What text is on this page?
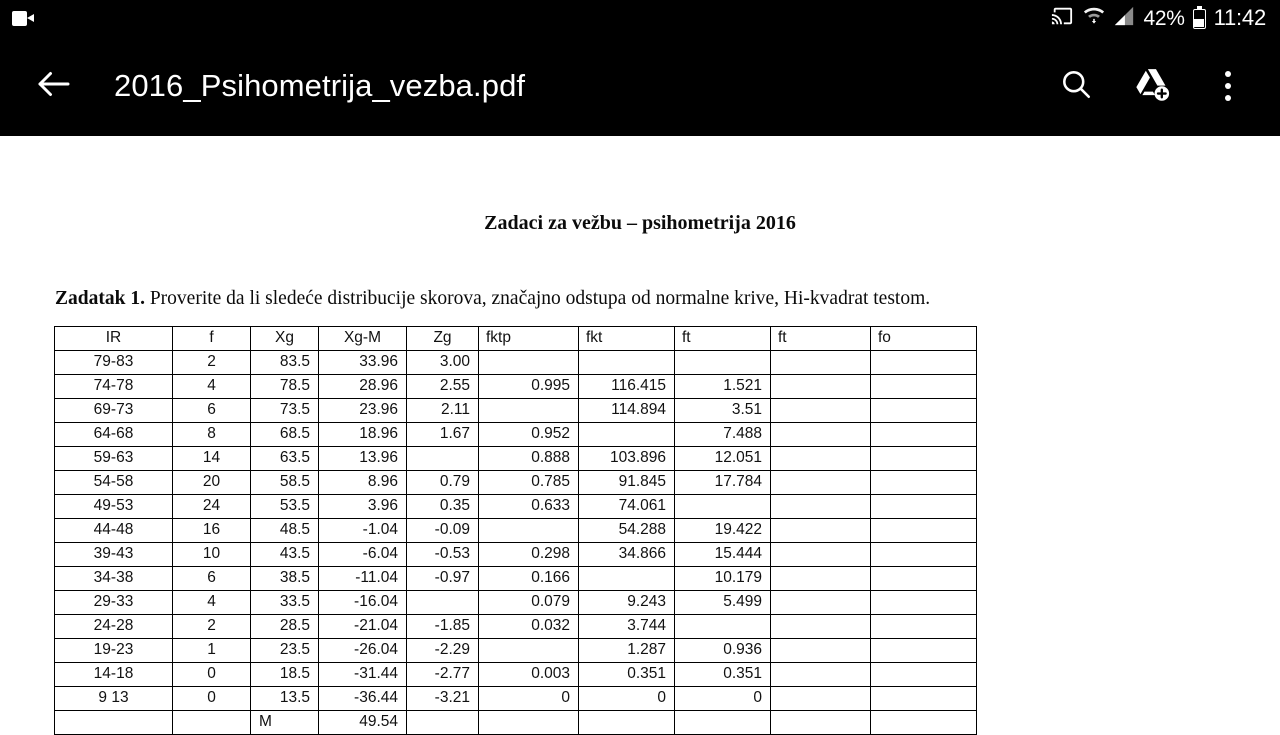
42% 11:42
2016_Psihometrija_vezba.pdf
Zadaci za vežbu – psihometrija 2016
Zadatak 1. Proverite da li sledeće distribucije skorova, značajno odstupa od normalne krive, Hi-kvadrat testom.
IR	f	Xg	Xg-M	Zg	fktp	fkt	ft	ft	fo
79-83	2	83.5	33.96	3.00					
74-78	4	78.5	28.96	2.55	0.995	116.415	1.521		
69-73	6	73.5	23.96	2.11		114.894	3.51		
64-68	8	68.5	18.96	1.67	0.952		7.488		
59-63	14	63.5	13.96		0.888	103.896	12.051		
54-58	20	58.5	8.96	0.79	0.785	91.845	17.784		
49-53	24	53.5	3.96	0.35	0.633	74.061			
44-48	16	48.5	-1.04	-0.09		54.288	19.422		
39-43	10	43.5	-6.04	-0.53	0.298	34.866	15.444		
34-38	6	38.5	-11.04	-0.97	0.166		10.179		
29-33	4	33.5	-16.04		0.079	9.243	5.499		
24-28	2	28.5	-21.04	-1.85	0.032	3.744			
19-23	1	23.5	-26.04	-2.29		1.287	0.936		
14-18	0	18.5	-31.44	-2.77	0.003	0.351	0.351		
9 13	0	13.5	-36.44	-3.21	0	0	0		
		M	49.54						
